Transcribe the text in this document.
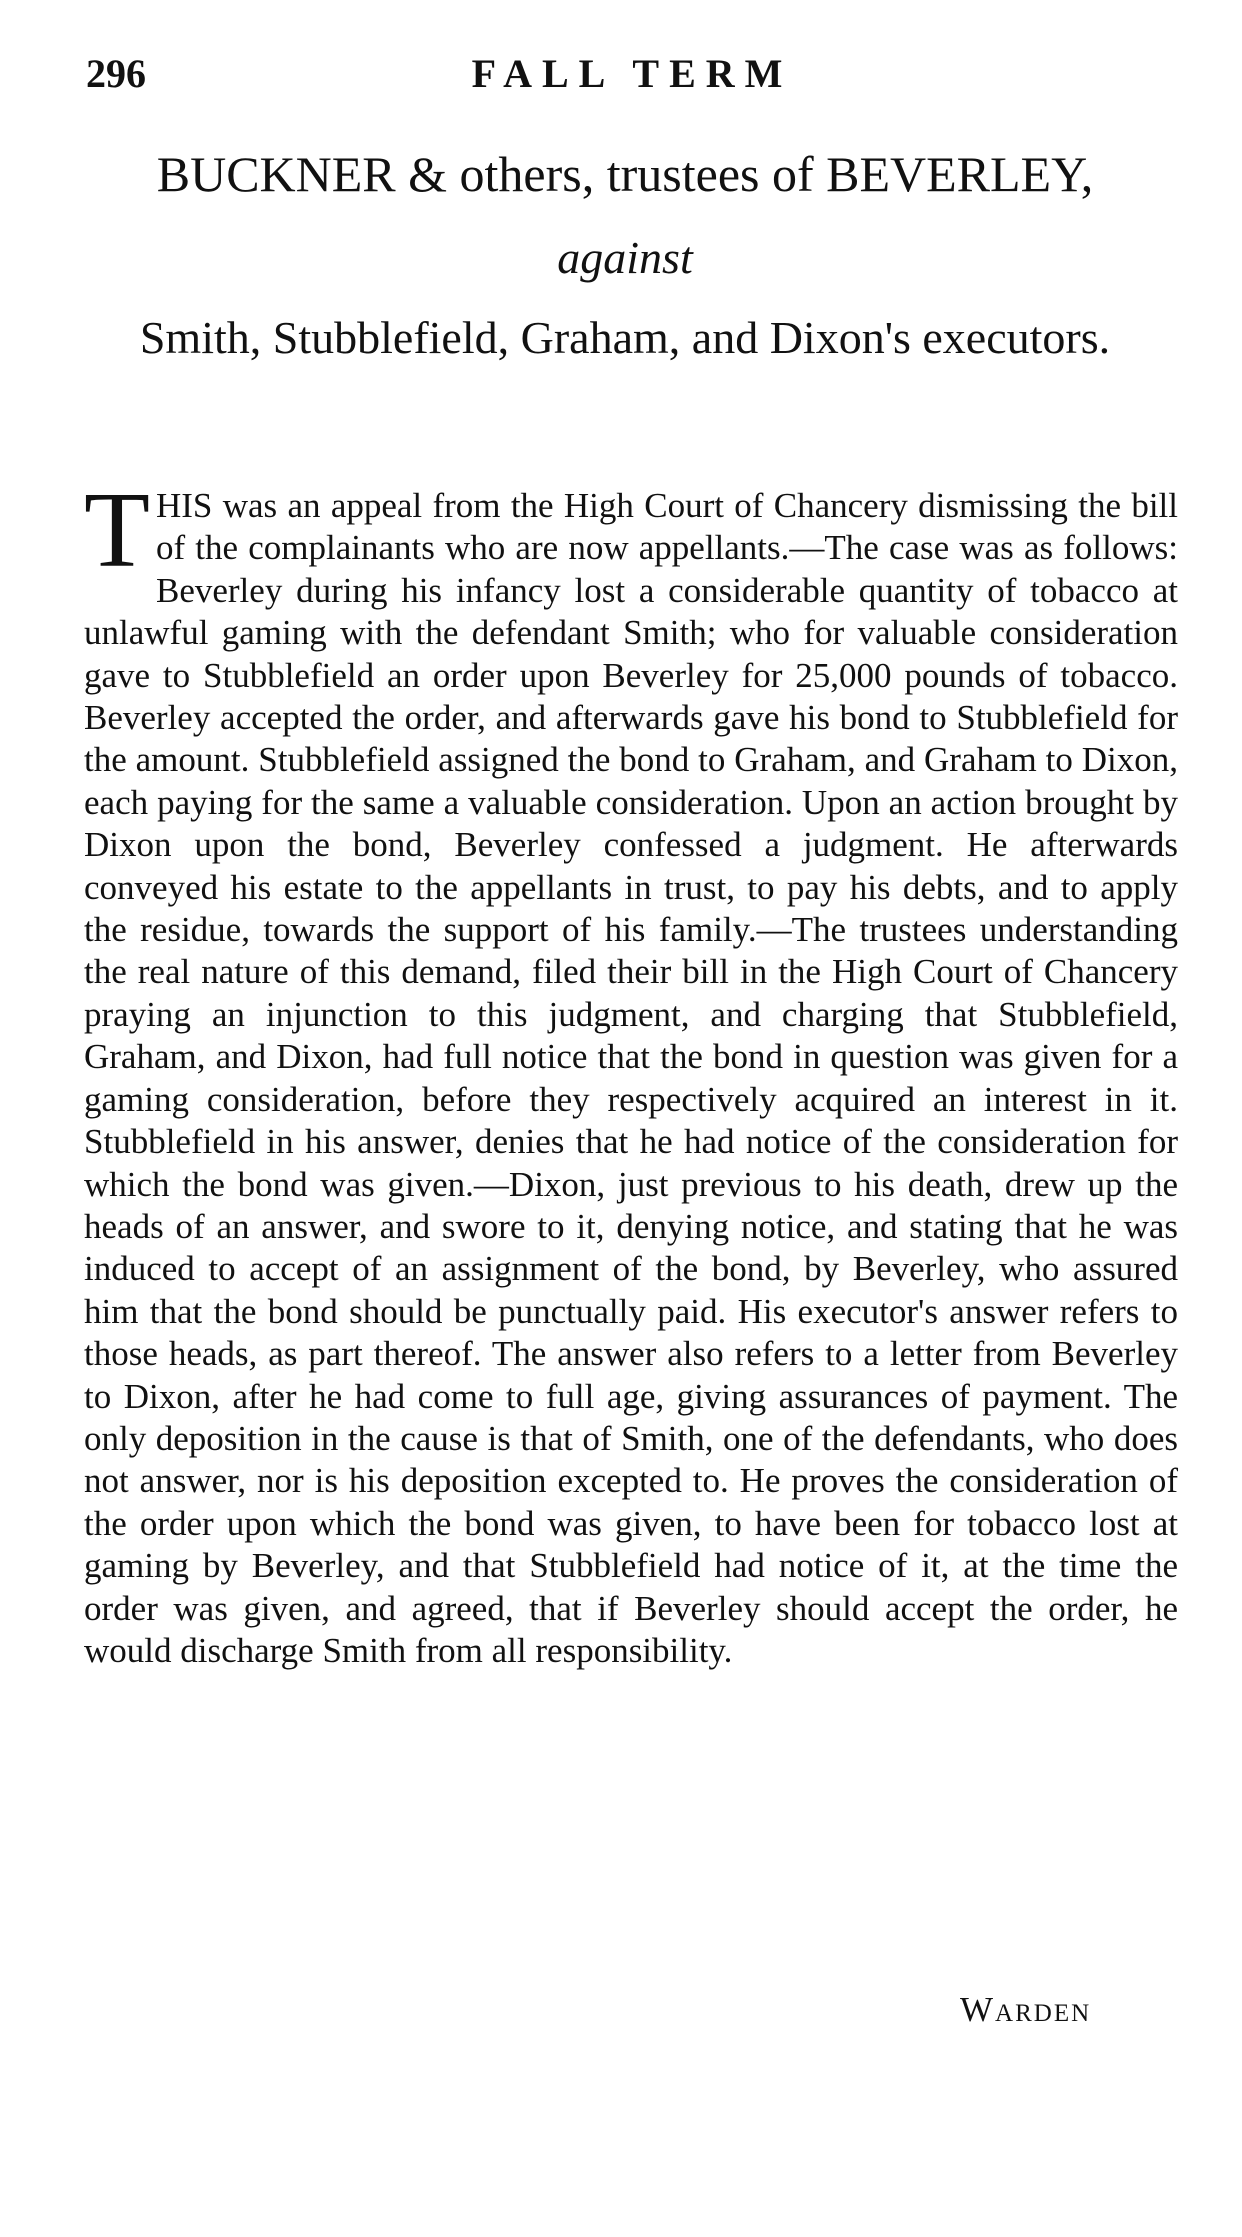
296	FALL TERM
BUCKNER & others, trustees of BEVERLEY,
against
Smith, Stubblefield, Graham, and Dixon's executors.
THIS was an appeal from the High Court of Chancery dismissing the bill of the complainants who are now appellants.—The case was as follows: Beverley during his infancy lost a considerable quantity of tobacco at unlawful gaming with the defendant Smith; who for valuable consideration gave to Stubblefield an order upon Beverley for 25,000 pounds of tobacco. Beverley accepted the order, and afterwards gave his bond to Stubblefield for the amount. Stubblefield assigned the bond to Graham, and Graham to Dixon, each paying for the same a valuable consideration. Upon an action brought by Dixon upon the bond, Beverley confessed a judgment. He afterwards conveyed his estate to the appellants in trust, to pay his debts, and to apply the residue, towards the support of his family.—The trustees understanding the real nature of this demand, filed their bill in the High Court of Chancery praying an injunction to this judgment, and charging that Stubblefield, Graham, and Dixon, had full notice that the bond in question was given for a gaming consideration, before they respectively acquired an interest in it. Stubblefield in his answer, denies that he had notice of the consideration for which the bond was given.—Dixon, just previous to his death, drew up the heads of an answer, and swore to it, denying notice, and stating that he was induced to accept of an assignment of the bond, by Beverley, who assured him that the bond should be punctually paid. His executor's answer refers to those heads, as part thereof. The answer also refers to a letter from Beverley to Dixon, after he had come to full age, giving assurances of payment. The only deposition in the cause is that of Smith, one of the defendants, who does not answer, nor is his deposition excepted to. He proves the consideration of the order upon which the bond was given, to have been for tobacco lost at gaming by Beverley, and that Stubblefield had notice of it, at the time the order was given, and agreed, that if Beverley should accept the order, he would discharge Smith from all responsibility.
Warden
